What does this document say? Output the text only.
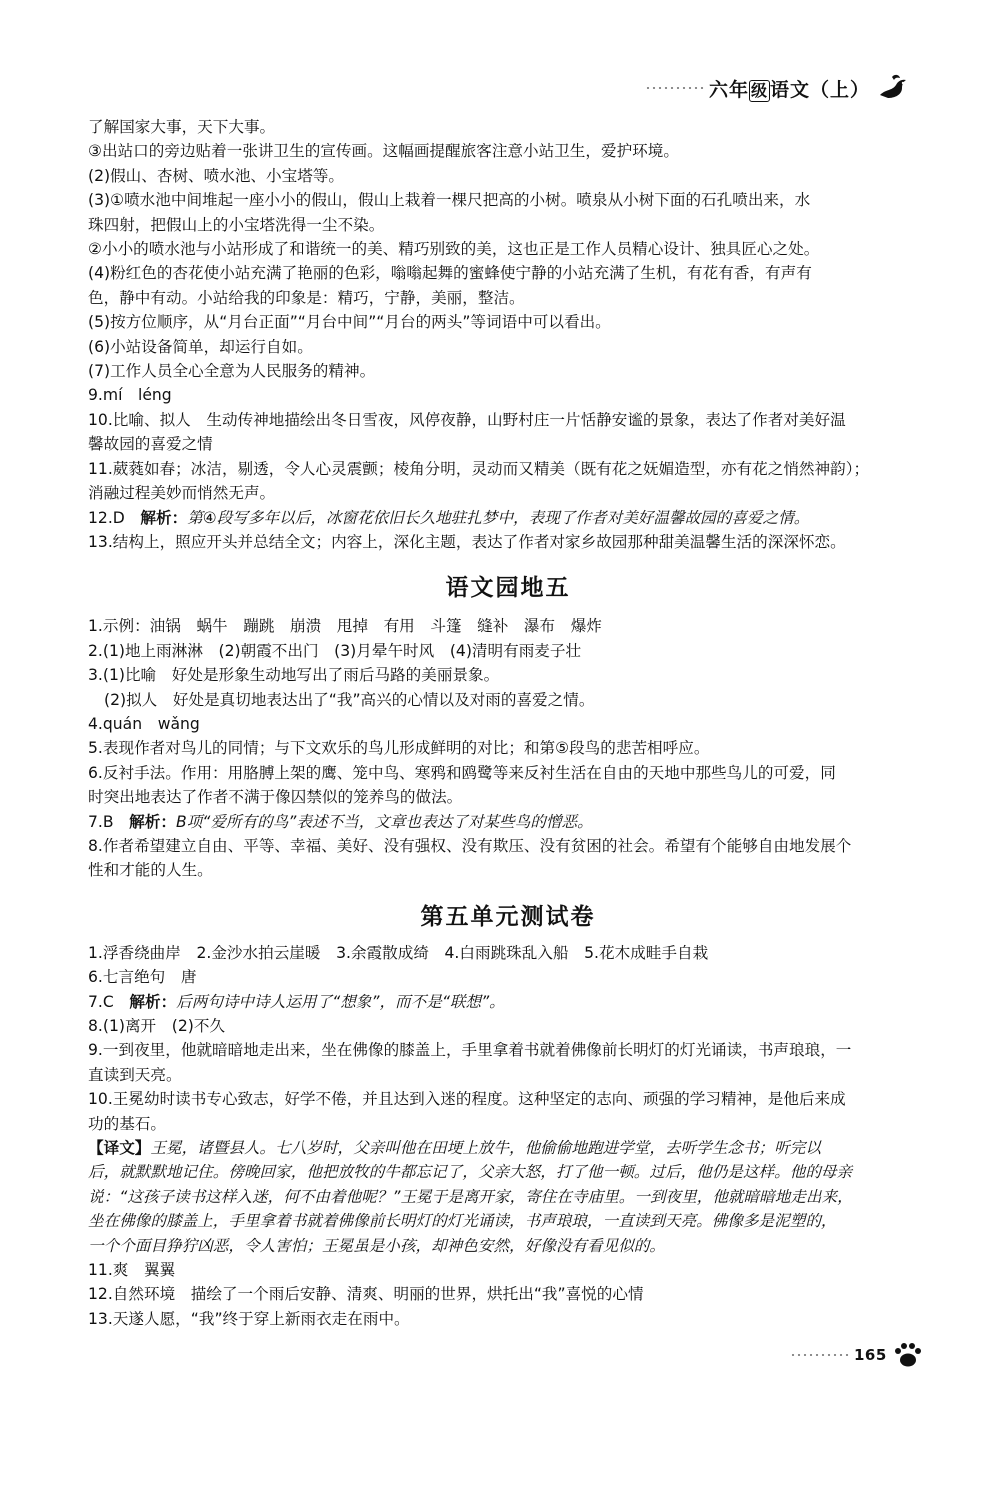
六年 级 语文（上）

了解国家大事，天下大事。

③出站口的旁边贴着一张讲卫生的宣传画。这幅画提醒旅客注意小站卫生，爱护环境。

(2)假山、杏树、喷水池、小宝塔等。

(3)①喷水池中间堆起一座小小的假山，假山上栽着一棵尺把高的小树。喷泉从小树下面的石孔喷出来，水

珠四射，把假山上的小宝塔洗得一尘不染。

②小小的喷水池与小站形成了和谐统一的美、精巧别致的美，这也正是工作人员精心设计、独具匠心之处。

(4)粉红色的杏花使小站充满了艳丽的色彩，嗡嗡起舞的蜜蜂使宁静的小站充满了生机，有花有香，有声有

色，静中有动。小站给我的印象是：精巧，宁静，美丽，整洁。

(5)按方位顺序，从“月台正面”“月台中间”“月台的两头”等词语中可以看出。

(6)小站设备简单，却运行自如。

(7)工作人员全心全意为人民服务的精神。

9.mí　léng

10.比喻、拟人　生动传神地描绘出冬日雪夜，风停夜静，山野村庄一片恬静安谧的景象，表达了作者对美好温

馨故园的喜爱之情

11.葳蕤如春；冰洁，剔透，令人心灵震颤；棱角分明，灵动而又精美（既有花之妩媚造型，亦有花之悄然神韵）；

消融过程美妙而悄然无声。

12.D　解析：第④段写多年以后，冰窗花依旧长久地驻扎梦中，表现了作者对美好温馨故园的喜爱之情。

13.结构上，照应开头并总结全文；内容上，深化主题，表达了作者对家乡故园那种甜美温馨生活的深深怀恋。

语文园地五

1.示例：油锅　蜗牛　蹦跳　崩溃　甩掉　有用　斗篷　缝补　瀑布　爆炸

2.(1)地上雨淋淋　(2)朝霞不出门　(3)月晕午时风　(4)清明有雨麦子壮

3.(1)比喻　好处是形象生动地写出了雨后马路的美丽景象。

(2)拟人　好处是真切地表达出了“我”高兴的心情以及对雨的喜爱之情。

4.quán　wǎng

5.表现作者对鸟儿的同情；与下文欢乐的鸟儿形成鲜明的对比；和第⑤段鸟的悲苦相呼应。

6.反衬手法。作用：用胳膊上架的鹰、笼中鸟、寒鸦和鸥鹭等来反衬生活在自由的天地中那些鸟儿的可爱，同

时突出地表达了作者不满于像囚禁似的笼养鸟的做法。

7.B　解析：B项“爱所有的鸟”表述不当，文章也表达了对某些鸟的憎恶。

8.作者希望建立自由、平等、幸福、美好、没有强权、没有欺压、没有贫困的社会。希望有个能够自由地发展个

性和才能的人生。

第五单元测试卷

1.浮香绕曲岸　2.金沙水拍云崖暖　3.余霞散成绮　4.白雨跳珠乱入船　5.花木成畦手自栽

6.七言绝句　唐

7.C　解析：后两句诗中诗人运用了“想象”，而不是“联想”。

8.(1)离开　(2)不久

9.一到夜里，他就暗暗地走出来，坐在佛像的膝盖上，手里拿着书就着佛像前长明灯的灯光诵读，书声琅琅，一

直读到天亮。

10.王冕幼时读书专心致志，好学不倦，并且达到入迷的程度。这种坚定的志向、顽强的学习精神，是他后来成

功的基石。

【译文】王冕，诸暨县人。七八岁时，父亲叫他在田埂上放牛，他偷偷地跑进学堂，去听学生念书；听完以

后，就默默地记住。傍晚回家，他把放牧的牛都忘记了，父亲大怒，打了他一顿。过后，他仍是这样。他的母亲

说：“这孩子读书这样入迷，何不由着他呢？”王冕于是离开家，寄住在寺庙里。一到夜里，他就暗暗地走出来，

坐在佛像的膝盖上，手里拿着书就着佛像前长明灯的灯光诵读，书声琅琅，一直读到天亮。佛像多是泥塑的，

一个个面目狰狞凶恶，令人害怕；王冕虽是小孩，却神色安然，好像没有看见似的。

11.爽　翼翼

12.自然环境　描绘了一个雨后安静、清爽、明丽的世界，烘托出“我”喜悦的心情

13.天遂人愿，“我”终于穿上新雨衣走在雨中。

165
